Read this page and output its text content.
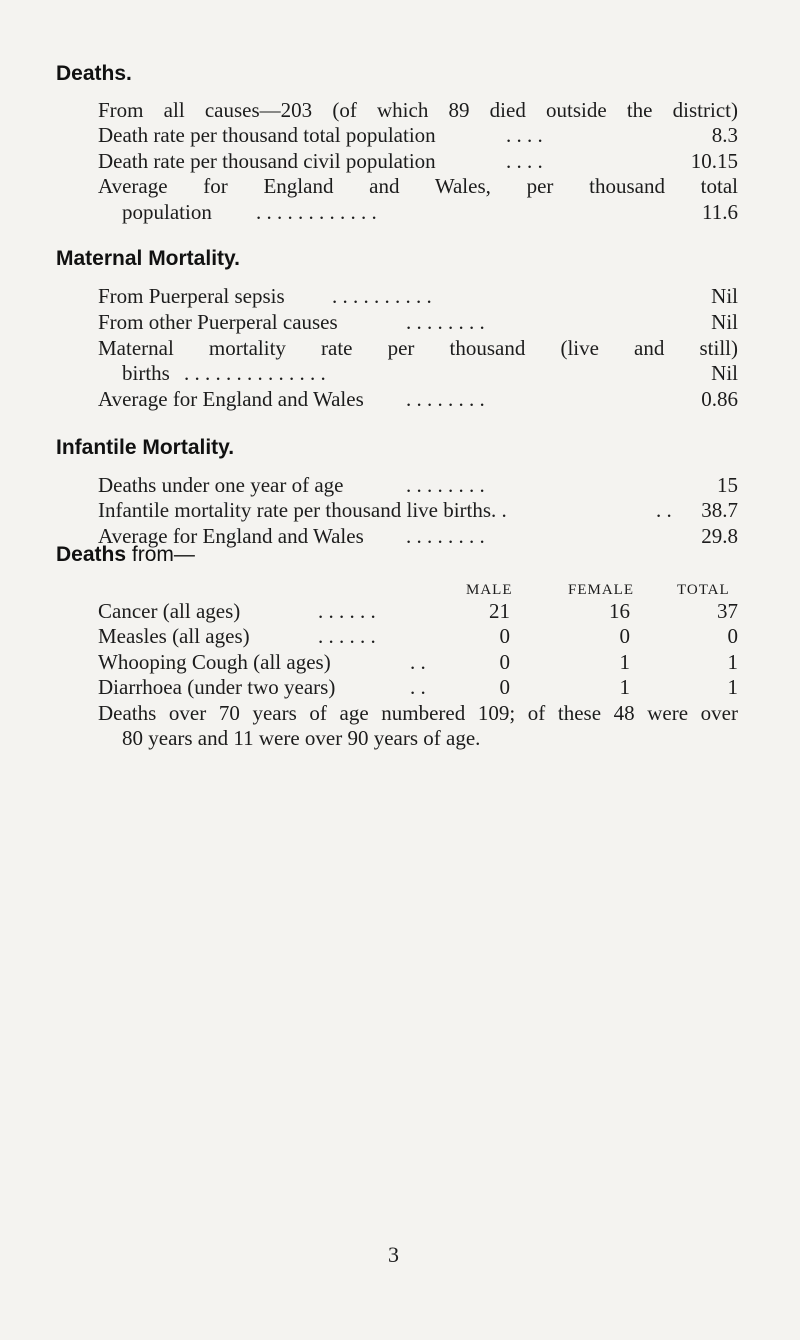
Deaths.
From all causes—203 (of which 89 died outside the district)
Death rate per thousand total population	. . . .	8.3
Death rate per thousand civil population	. . . .	10.15
Average for England and Wales, per thousand total
population . . . . . . . . . . . .	11.6
Maternal Mortality.
From Puerperal sepsis . . . . . . . . . .	Nil
From other Puerperal causes	. . . . . . . .	Nil
Maternal mortality rate per thousand (live and still)
births . . . . . . . . . . . . . .	Nil
Average for England and Wales . . . . . . . .	0.86
Infantile Mortality.
Deaths under one year of age	. . . . . . . .	15
Infantile mortality rate per thousand live births. .	. . 38.7
Average for England and Wales . . . . . . . .	29.8
Deaths from—
MALE	FEMALE	TOTAL
Cancer (all ages)	. . . . . .	21	16	37
Measles (all ages)	. . . . . .	0	0	0
Whooping Cough (all ages)	. .	0	1	1
Diarrhoea (under two years)	. .	0	1	1
Deaths over 70 years of age numbered 109; of these 48 were over
80 years and 11 were over 90 years of age.
3
